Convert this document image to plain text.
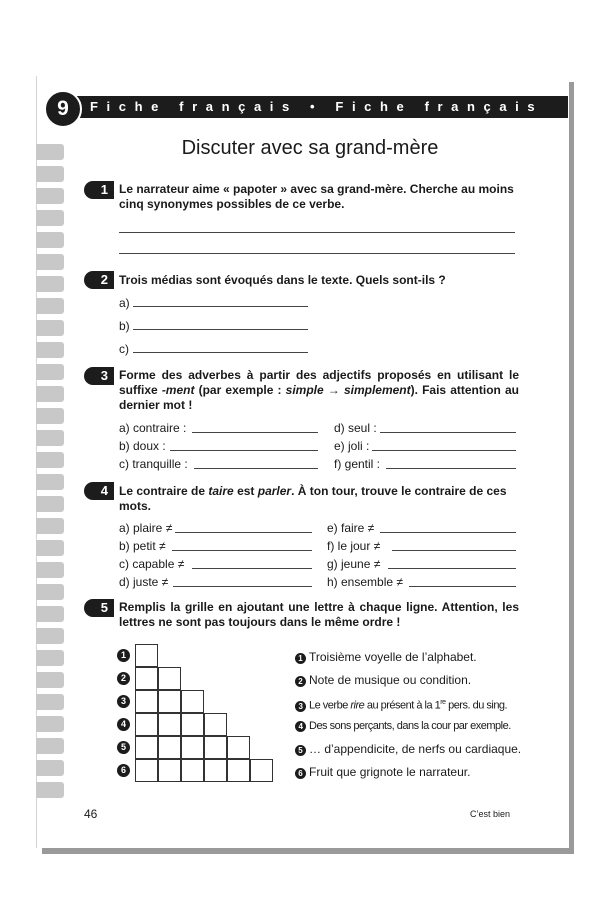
Fiche français • Fiche français
9
Discuter avec sa grand-mère
1 Le narrateur aime « papoter » avec sa grand-mère. Cherche au moins cinq synonymes possibles de ce verbe.
2 Trois médias sont évoqués dans le texte. Quels sont-ils ?
a)
b)
c)
3 Forme des adverbes à partir des adjectifs proposés en utilisant le suffixe -ment (par exemple : simple → simplement). Fais attention au dernier mot !
a) contraire :
b) doux :
c) tranquille :
d) seul :
e) joli :
f) gentil :
4 Le contraire de taire est parler. À ton tour, trouve le contraire de ces mots.
a) plaire ≠
b) petit ≠
c) capable ≠
d) juste ≠
e) faire ≠
f) le jour ≠
g) jeune ≠
h) ensemble ≠
5 Remplis la grille en ajoutant une lettre à chaque ligne. Attention, les lettres ne sont pas toujours dans le même ordre !
1
2
3
4
5
6
1 Troisième voyelle de l’alphabet.
2 Note de musique ou condition.
3 Le verbe rire au présent à la 1re pers. du sing.
4 Des sons perçants, dans la cour par exemple.
5 … d’appendicite, de nerfs ou cardiaque.
6 Fruit que grignote le narrateur.
46	C’est bien
